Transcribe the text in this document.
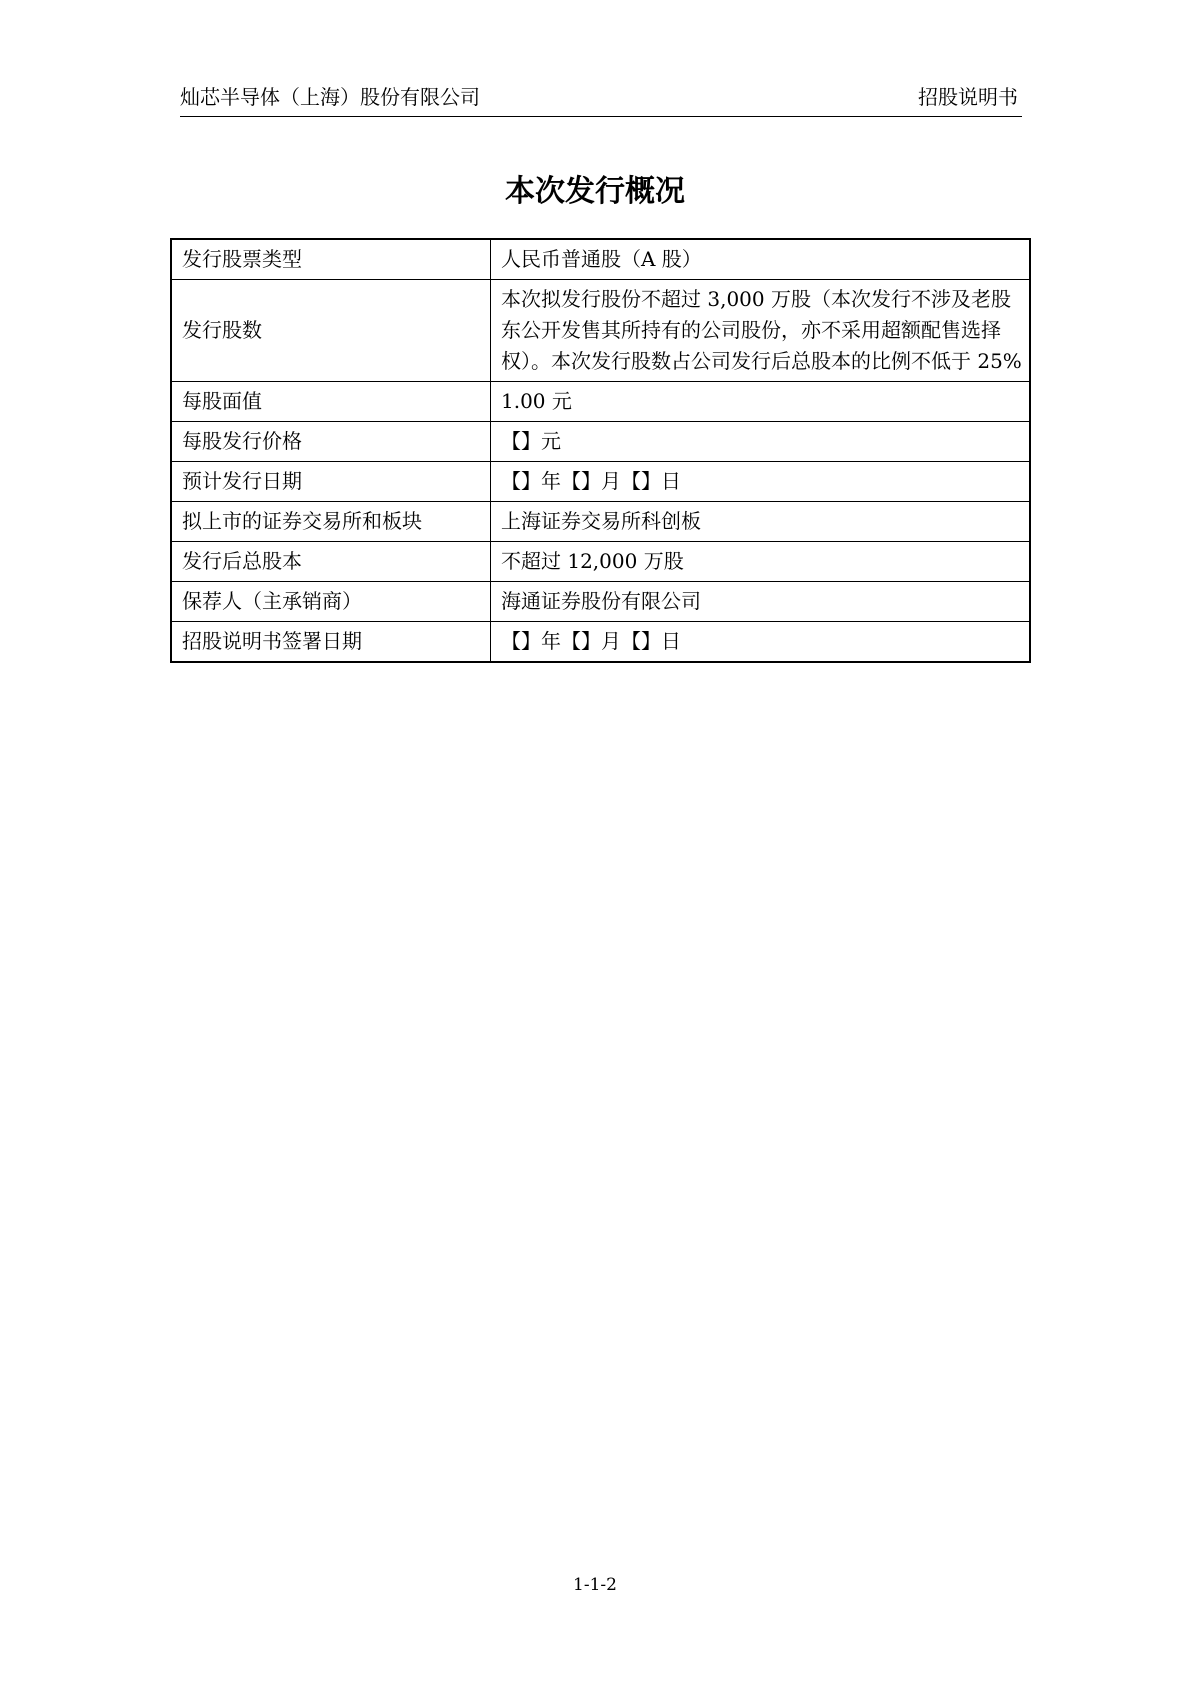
灿芯半导体（上海）股份有限公司	招股说明书
本次发行概况
发行股票类型	人民币普通股（A 股）
发行股数	本次拟发行股份不超过 3,000 万股（本次发行不涉及老股东公开发售其所持有的公司股份，亦不采用超额配售选择权）。本次发行股数占公司发行后总股本的比例不低于 25%
每股面值	1.00 元
每股发行价格	【】元
预计发行日期	【】年【】月【】日
拟上市的证券交易所和板块	上海证券交易所科创板
发行后总股本	不超过 12,000 万股
保荐人（主承销商）	海通证券股份有限公司
招股说明书签署日期	【】年【】月【】日
1-1-2
